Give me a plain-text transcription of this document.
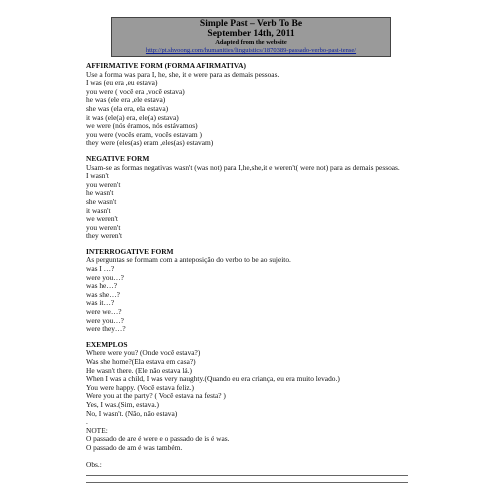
Simple Past – Verb To Be
September 14th, 2011
Adapted from the website
http://pt.shvoong.com/humanities/linguistics/1870389-passado-verbo-past-tense/
AFFIRMATIVE FORM (FORMA AFIRMATIVA)
Use a forma was para I, he, she, it e were para as demais pessoas.
I was (eu era ,eu estava)
you were ( você era ,você estava)
he was (ele era ,ele estava)
she was (ela era, ela estava)
it was (ele(a) era, ele(a) estava)
we were (nós éramos, nós estávamos)
you were (vocês eram, vocês estavam )
they were (eles(as) eram ,eles(as) estavam)
NEGATIVE FORM
Usam-se as formas negativas wasn't (was not) para I,he,she,it e weren't( were not) para as demais pessoas.
I wasn't
you weren't
he wasn't
she wasn't
it wasn't
we weren't
you weren't
they weren't
INTERROGATIVE FORM
As perguntas se formam com a anteposição do verbo to be ao sujeito.
was I …?
were you…?
was he…?
was she…?
was it…?
were we…?
were you…?
were they…?
EXEMPLOS
Where were you? (Onde você estava?)
Was she home?(Ela estava em casa?)
He wasn't there. (Ele não estava lá.)
When I was a child, I was very naughty.(Quando eu era criança, eu era muito levado.)
You were happy. (Você estava feliz.)
Were you at the party? ( Você estava na festa? )
Yes, I was.(Sim, estava.)
No, I wasn't. (Não, não estava)
.
NOTE:
O passado de are é were e o passado de is é was.
O passado de am é was também.
Obs.:
